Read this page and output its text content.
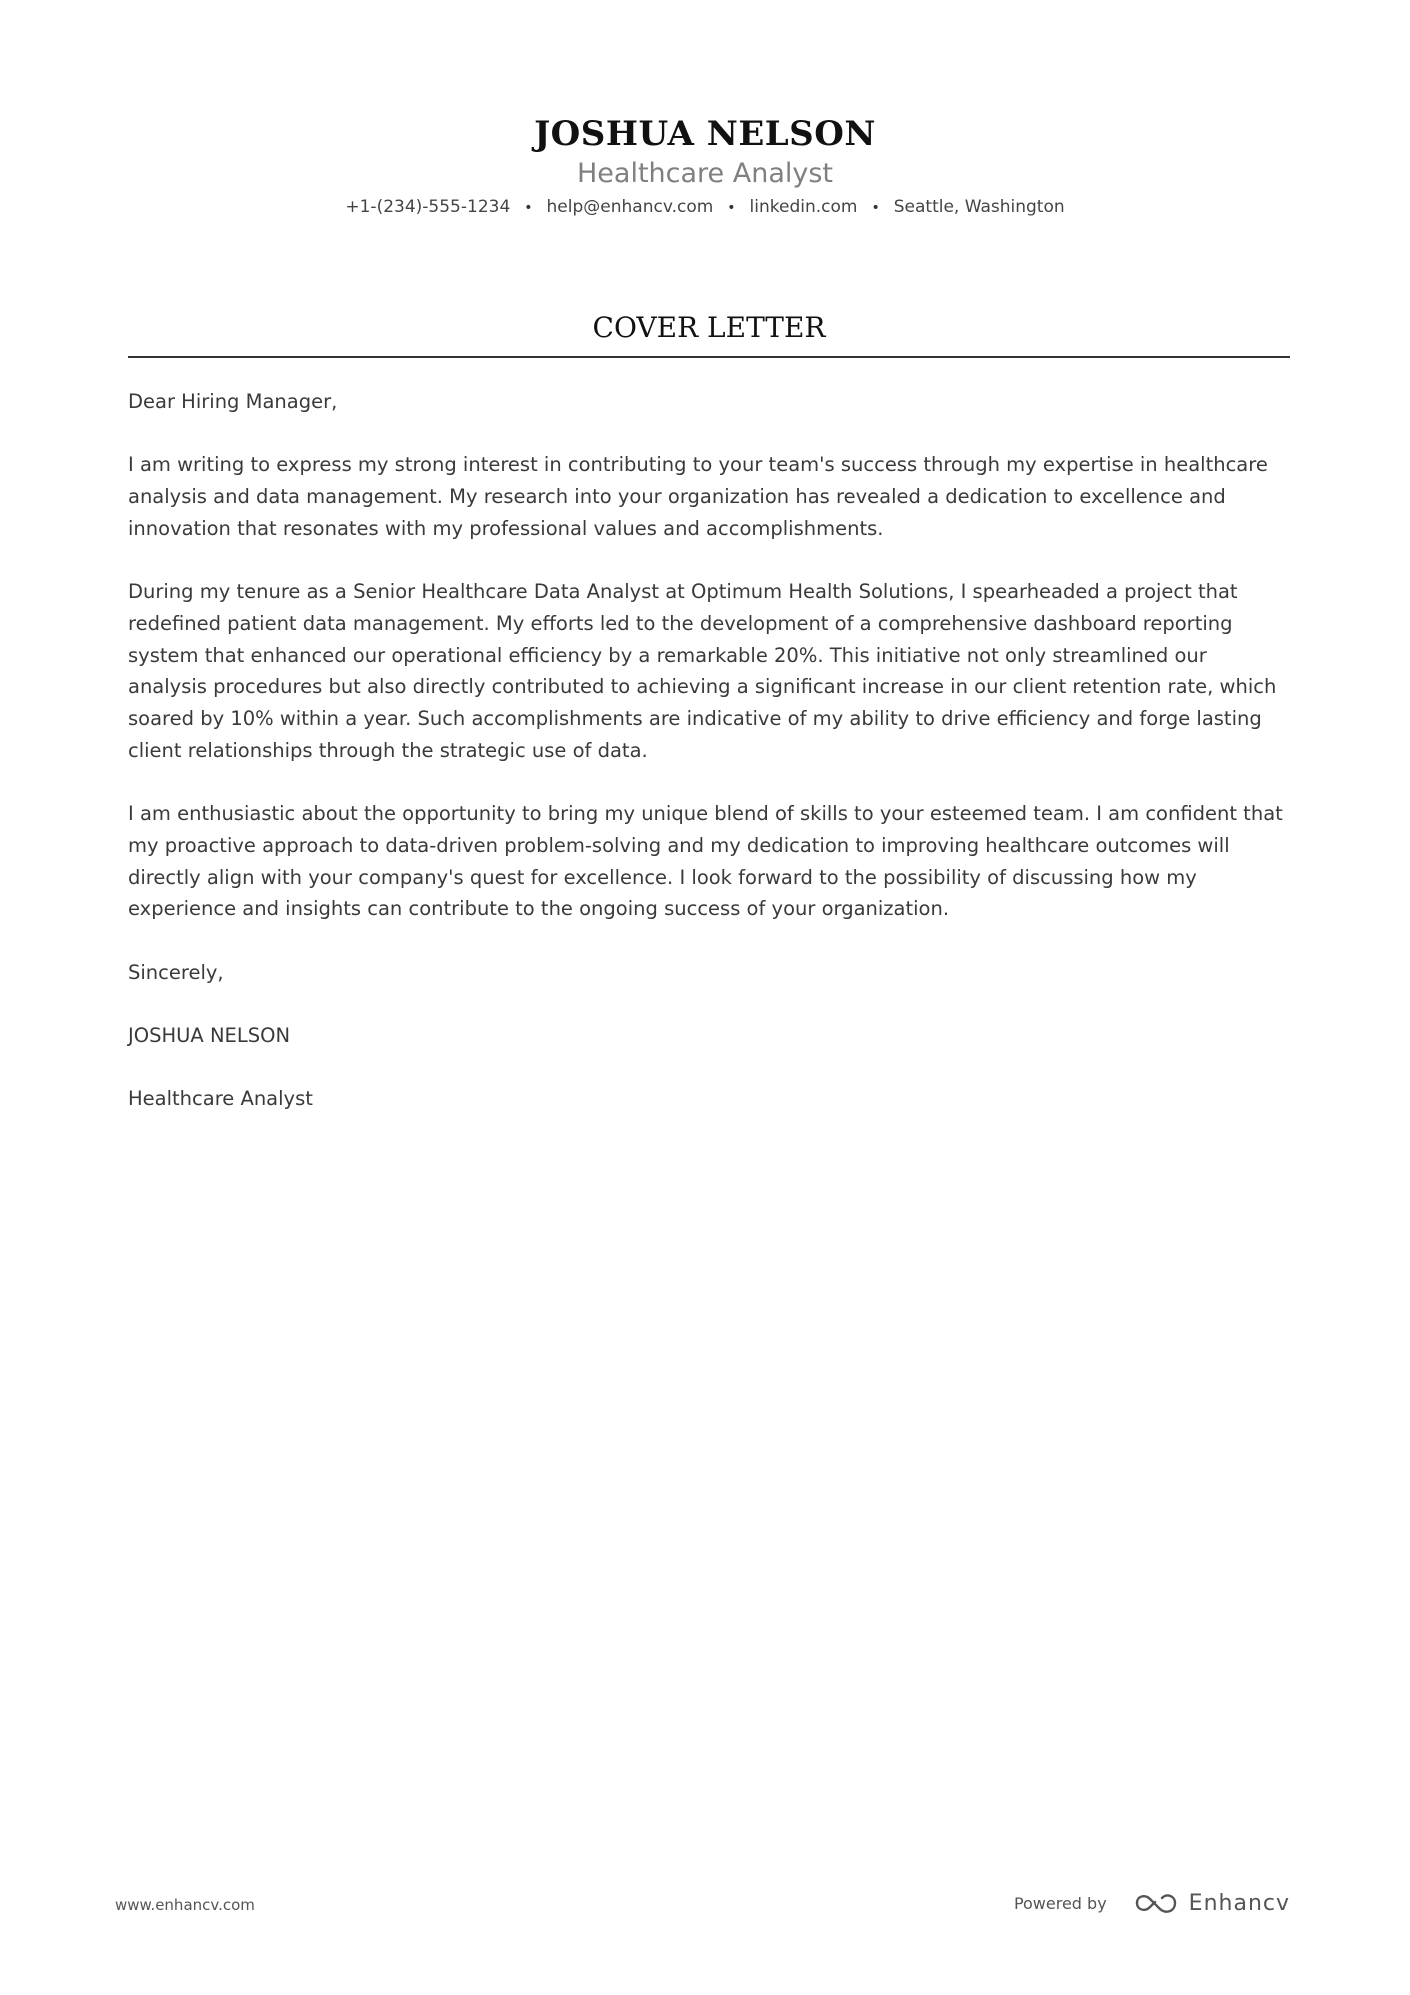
JOSHUA NELSON
Healthcare Analyst
+1-(234)-555-1234 • help@enhancv.com • linkedin.com • Seattle, Washington
COVER LETTER

Dear Hiring Manager,

I am writing to express my strong interest in contributing to your team's success through my expertise in healthcare analysis and data management. My research into your organization has revealed a dedication to excellence and innovation that resonates with my professional values and accomplishments.

During my tenure as a Senior Healthcare Data Analyst at Optimum Health Solutions, I spearheaded a project that redefined patient data management. My efforts led to the development of a comprehensive dashboard reporting system that enhanced our operational efficiency by a remarkable 20%. This initiative not only streamlined our analysis procedures but also directly contributed to achieving a significant increase in our client retention rate, which soared by 10% within a year. Such accomplishments are indicative of my ability to drive efficiency and forge lasting client relationships through the strategic use of data.

I am enthusiastic about the opportunity to bring my unique blend of skills to your esteemed team. I am confident that my proactive approach to data-driven problem-solving and my dedication to improving healthcare outcomes will directly align with your company's quest for excellence. I look forward to the possibility of discussing how my experience and insights can contribute to the ongoing success of your organization.

Sincerely,

JOSHUA NELSON

Healthcare Analyst

www.enhancv.com	Powered by	Enhancv
